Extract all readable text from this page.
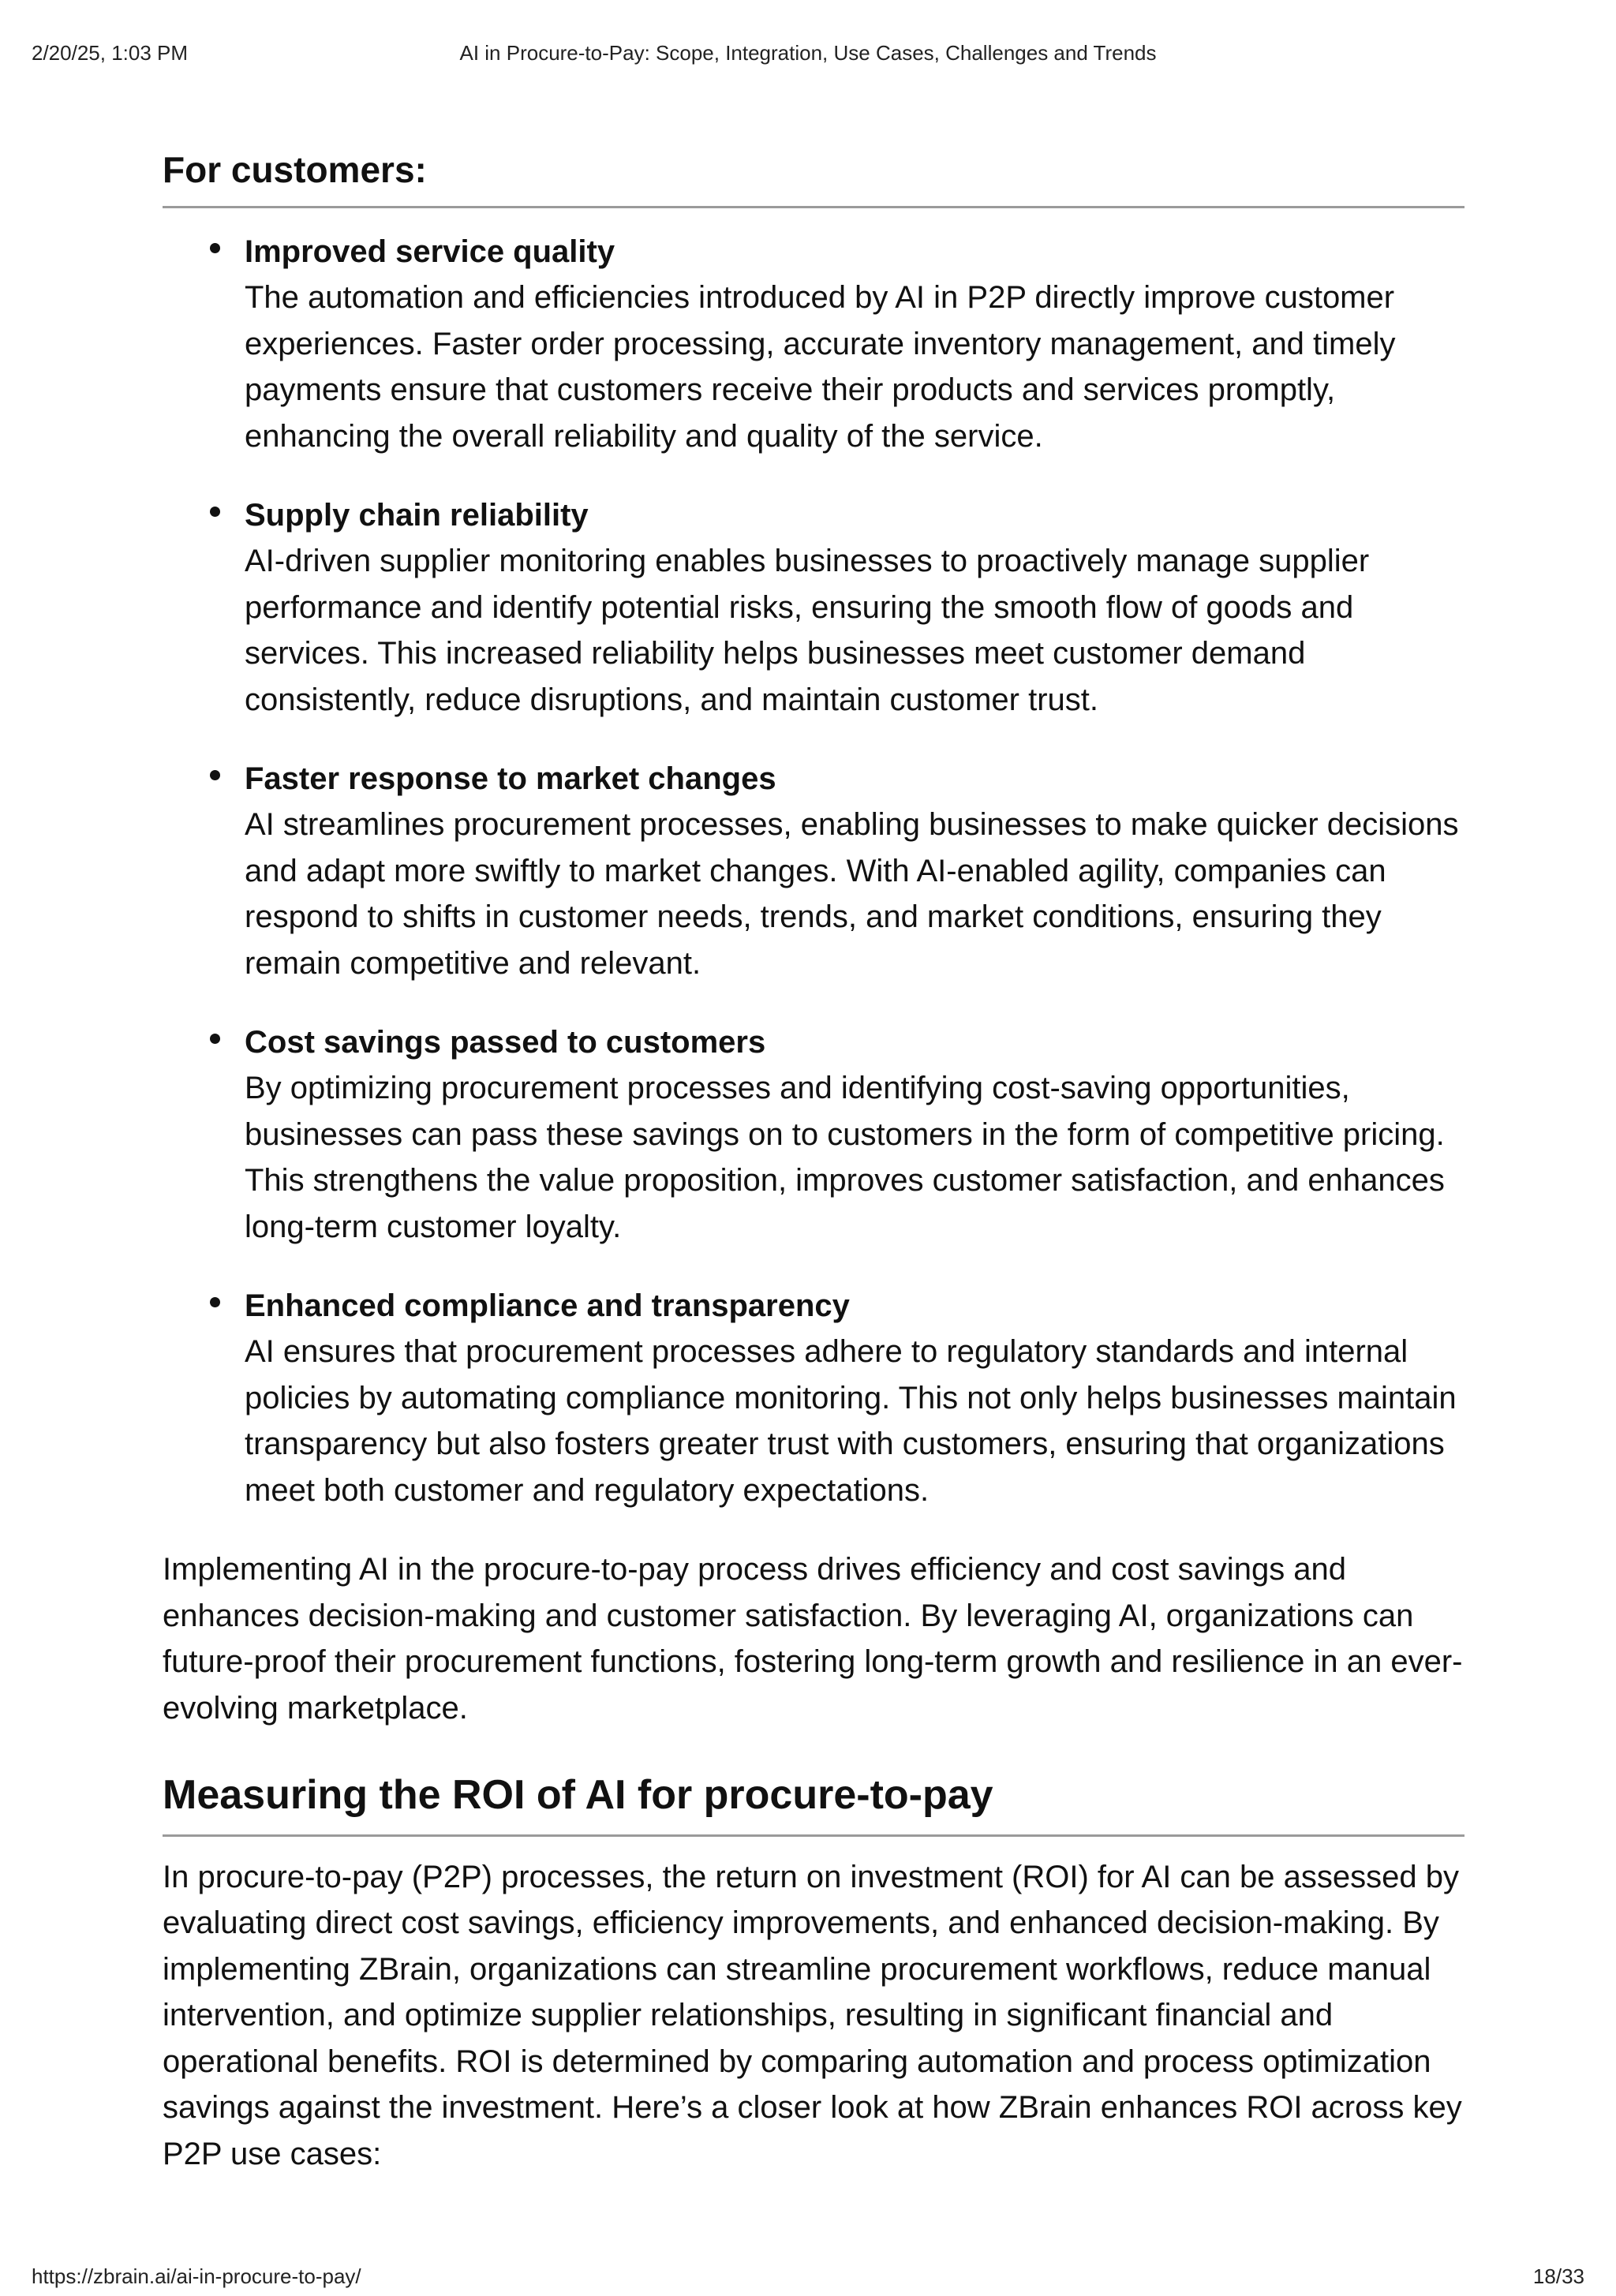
2/20/25, 1:03 PM	AI in Procure-to-Pay: Scope, Integration, Use Cases, Challenges and Trends
For customers:
Improved service quality
The automation and efficiencies introduced by AI in P2P directly improve customer experiences. Faster order processing, accurate inventory management, and timely payments ensure that customers receive their products and services promptly, enhancing the overall reliability and quality of the service.
Supply chain reliability
AI-driven supplier monitoring enables businesses to proactively manage supplier performance and identify potential risks, ensuring the smooth flow of goods and services. This increased reliability helps businesses meet customer demand consistently, reduce disruptions, and maintain customer trust.
Faster response to market changes
AI streamlines procurement processes, enabling businesses to make quicker decisions and adapt more swiftly to market changes. With AI-enabled agility, companies can respond to shifts in customer needs, trends, and market conditions, ensuring they remain competitive and relevant.
Cost savings passed to customers
By optimizing procurement processes and identifying cost-saving opportunities, businesses can pass these savings on to customers in the form of competitive pricing. This strengthens the value proposition, improves customer satisfaction, and enhances long-term customer loyalty.
Enhanced compliance and transparency
AI ensures that procurement processes adhere to regulatory standards and internal policies by automating compliance monitoring. This not only helps businesses maintain transparency but also fosters greater trust with customers, ensuring that organizations meet both customer and regulatory expectations.

Implementing AI in the procure-to-pay process drives efficiency and cost savings and enhances decision-making and customer satisfaction. By leveraging AI, organizations can future-proof their procurement functions, fostering long-term growth and resilience in an ever-evolving marketplace.

Measuring the ROI of AI for procure-to-pay

In procure-to-pay (P2P) processes, the return on investment (ROI) for AI can be assessed by evaluating direct cost savings, efficiency improvements, and enhanced decision-making. By implementing ZBrain, organizations can streamline procurement workflows, reduce manual intervention, and optimize supplier relationships, resulting in significant financial and operational benefits. ROI is determined by comparing automation and process optimization savings against the investment. Here’s a closer look at how ZBrain enhances ROI across key P2P use cases:

https://zbrain.ai/ai-in-procure-to-pay/	18/33
